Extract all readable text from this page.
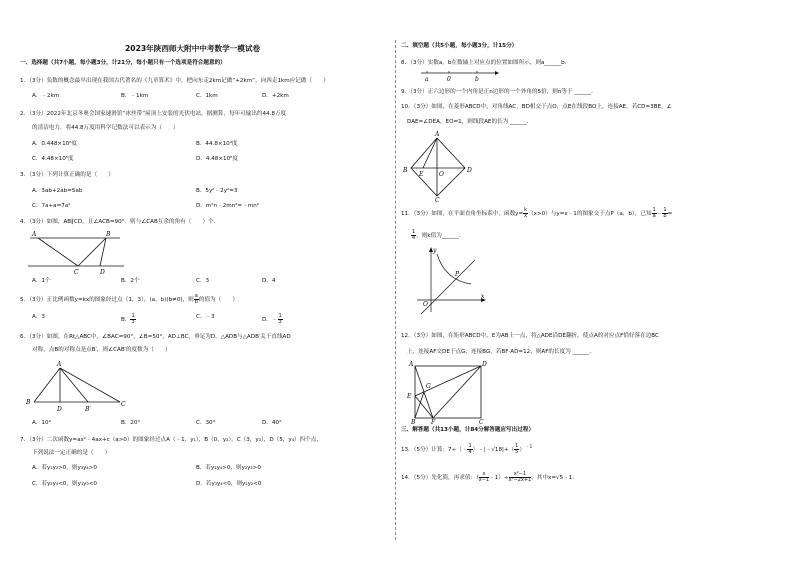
2023年陕西师大附中中考数学一模试卷
一、选择题（共7小题，每小题3分，计21分，每小题只有一个选项是符合题意的）
1．（3分）负数的概念最早出现在我国古代著名的《九章算术》中，把向东走2km记做“+2km”，向西走1km应记做（　　）
A．﹣2km	B．﹣1km	C．1km	D．+2km
2．（3分）2022年北京冬奥会国家速滑馆“冰丝带”屋顶上安装的光伏电站，据测算，每年可输出约44.8万度
的清洁电力．将44.8万度用科学记数法可以表示为（　　）
A．0.448×10⁶度	B．44.8×10⁴度
C．4.48×10⁵度	D．4.48×10⁶度
3．（3分）下列计算正确的是（　　）
A．3ab+2ab=5ab	B．5y²﹣2y²=3
C．7a+a=7a²	D．m²n﹣2mn²=﹣mn²
4．（3分）如图，AB∥CD，且∠ACB=90°．则与∠CAB互余的角有（　　）个．
A	B
C	D
A．1个	B．2个	C．3	D．4
5．（3分）正比例函数y=kx的图象经过点（1，3），(a，b)(b≠0)，则 $\frac{a}{b}$ 的值为（　　）
A．3	B． $\frac{1}{3}$	C．﹣3	D．﹣ $\frac{1}{3}$
6．（3分）如图，在Rt△ABC中，∠BAC=90°，∠B=50°，AD⊥BC，垂足为D，△ADB与△ADB′关于直线AD
对称，点B的对称点是点B′，则∠CAB′的度数为（　　）
A
B
D	B′
C
A．10°	B．20°	C．30°	D．40°
7．（3分）二次函数y=ax²﹣4ax+c（a>0）的图象经过点A（﹣1，y₁），B（0，y₂），C（3，y₃），D（5，y₄）四个点，
下列说法一定正确的是（　　）
A．若y₁y₂>0，则y₃y₄>0	B．若y₁y₄>0，则y₂y₃>0
C．若y₂y₄<0，则y₁y₃<0	D．若y₃y₄<0，则y₁y₂<0
二、填空题（共5小题，每小题3分，计15分）
8．（3分）实数a，b在数轴上对应点的位置如图所示，则a______b．
a	0	b
9．（3分）正六边形的一个内角是正n边形的一个外角的5倍，则n等于 ______．
10．（3分）如图，在菱形ABCD中，对角线AC，BD相交于点O，点E在线段BO上，连接AE，若CD=3BE，∠
DAE=∠DEA，EO=1，则线段AE的长为 ______．
A
B	D
C
E	O
11．（3分）如图，在平面直角坐标系中，函数$y= \frac{k}{x} (x>0)$与y=x﹣1的图象交于点P（a，b），已知 $\frac{1}{a}$ ﹣ $\frac{1}{b}$ =
$\frac{1}{4}$ ，则k值为______．
y
x
O
P
12．（3分）如图，在矩形ABCD中，E为AB上一点，将△ADE沿DE翻折，使点A的对应点F恰好落在边BC
上，连接AF交DE于点G，连接BG，若BF·AD=12，则AF的长度为 ______．
A	D
E
G
B	F	C
三、解答题（共13小题，计84分解答题应写出过程）
13．（5分）计算：7÷（﹣ $\frac{1}{4}$ ）﹣|﹣√18|+（ $\frac{1}{5} )^{﹣1}$
14．（5分）先化简，再求值：（ $\frac{x}{x-1}$ ﹣1）÷ $\frac{\text{x²−1}}{\text{x²−2x+1}}$ ，其中x=√5﹣1．
